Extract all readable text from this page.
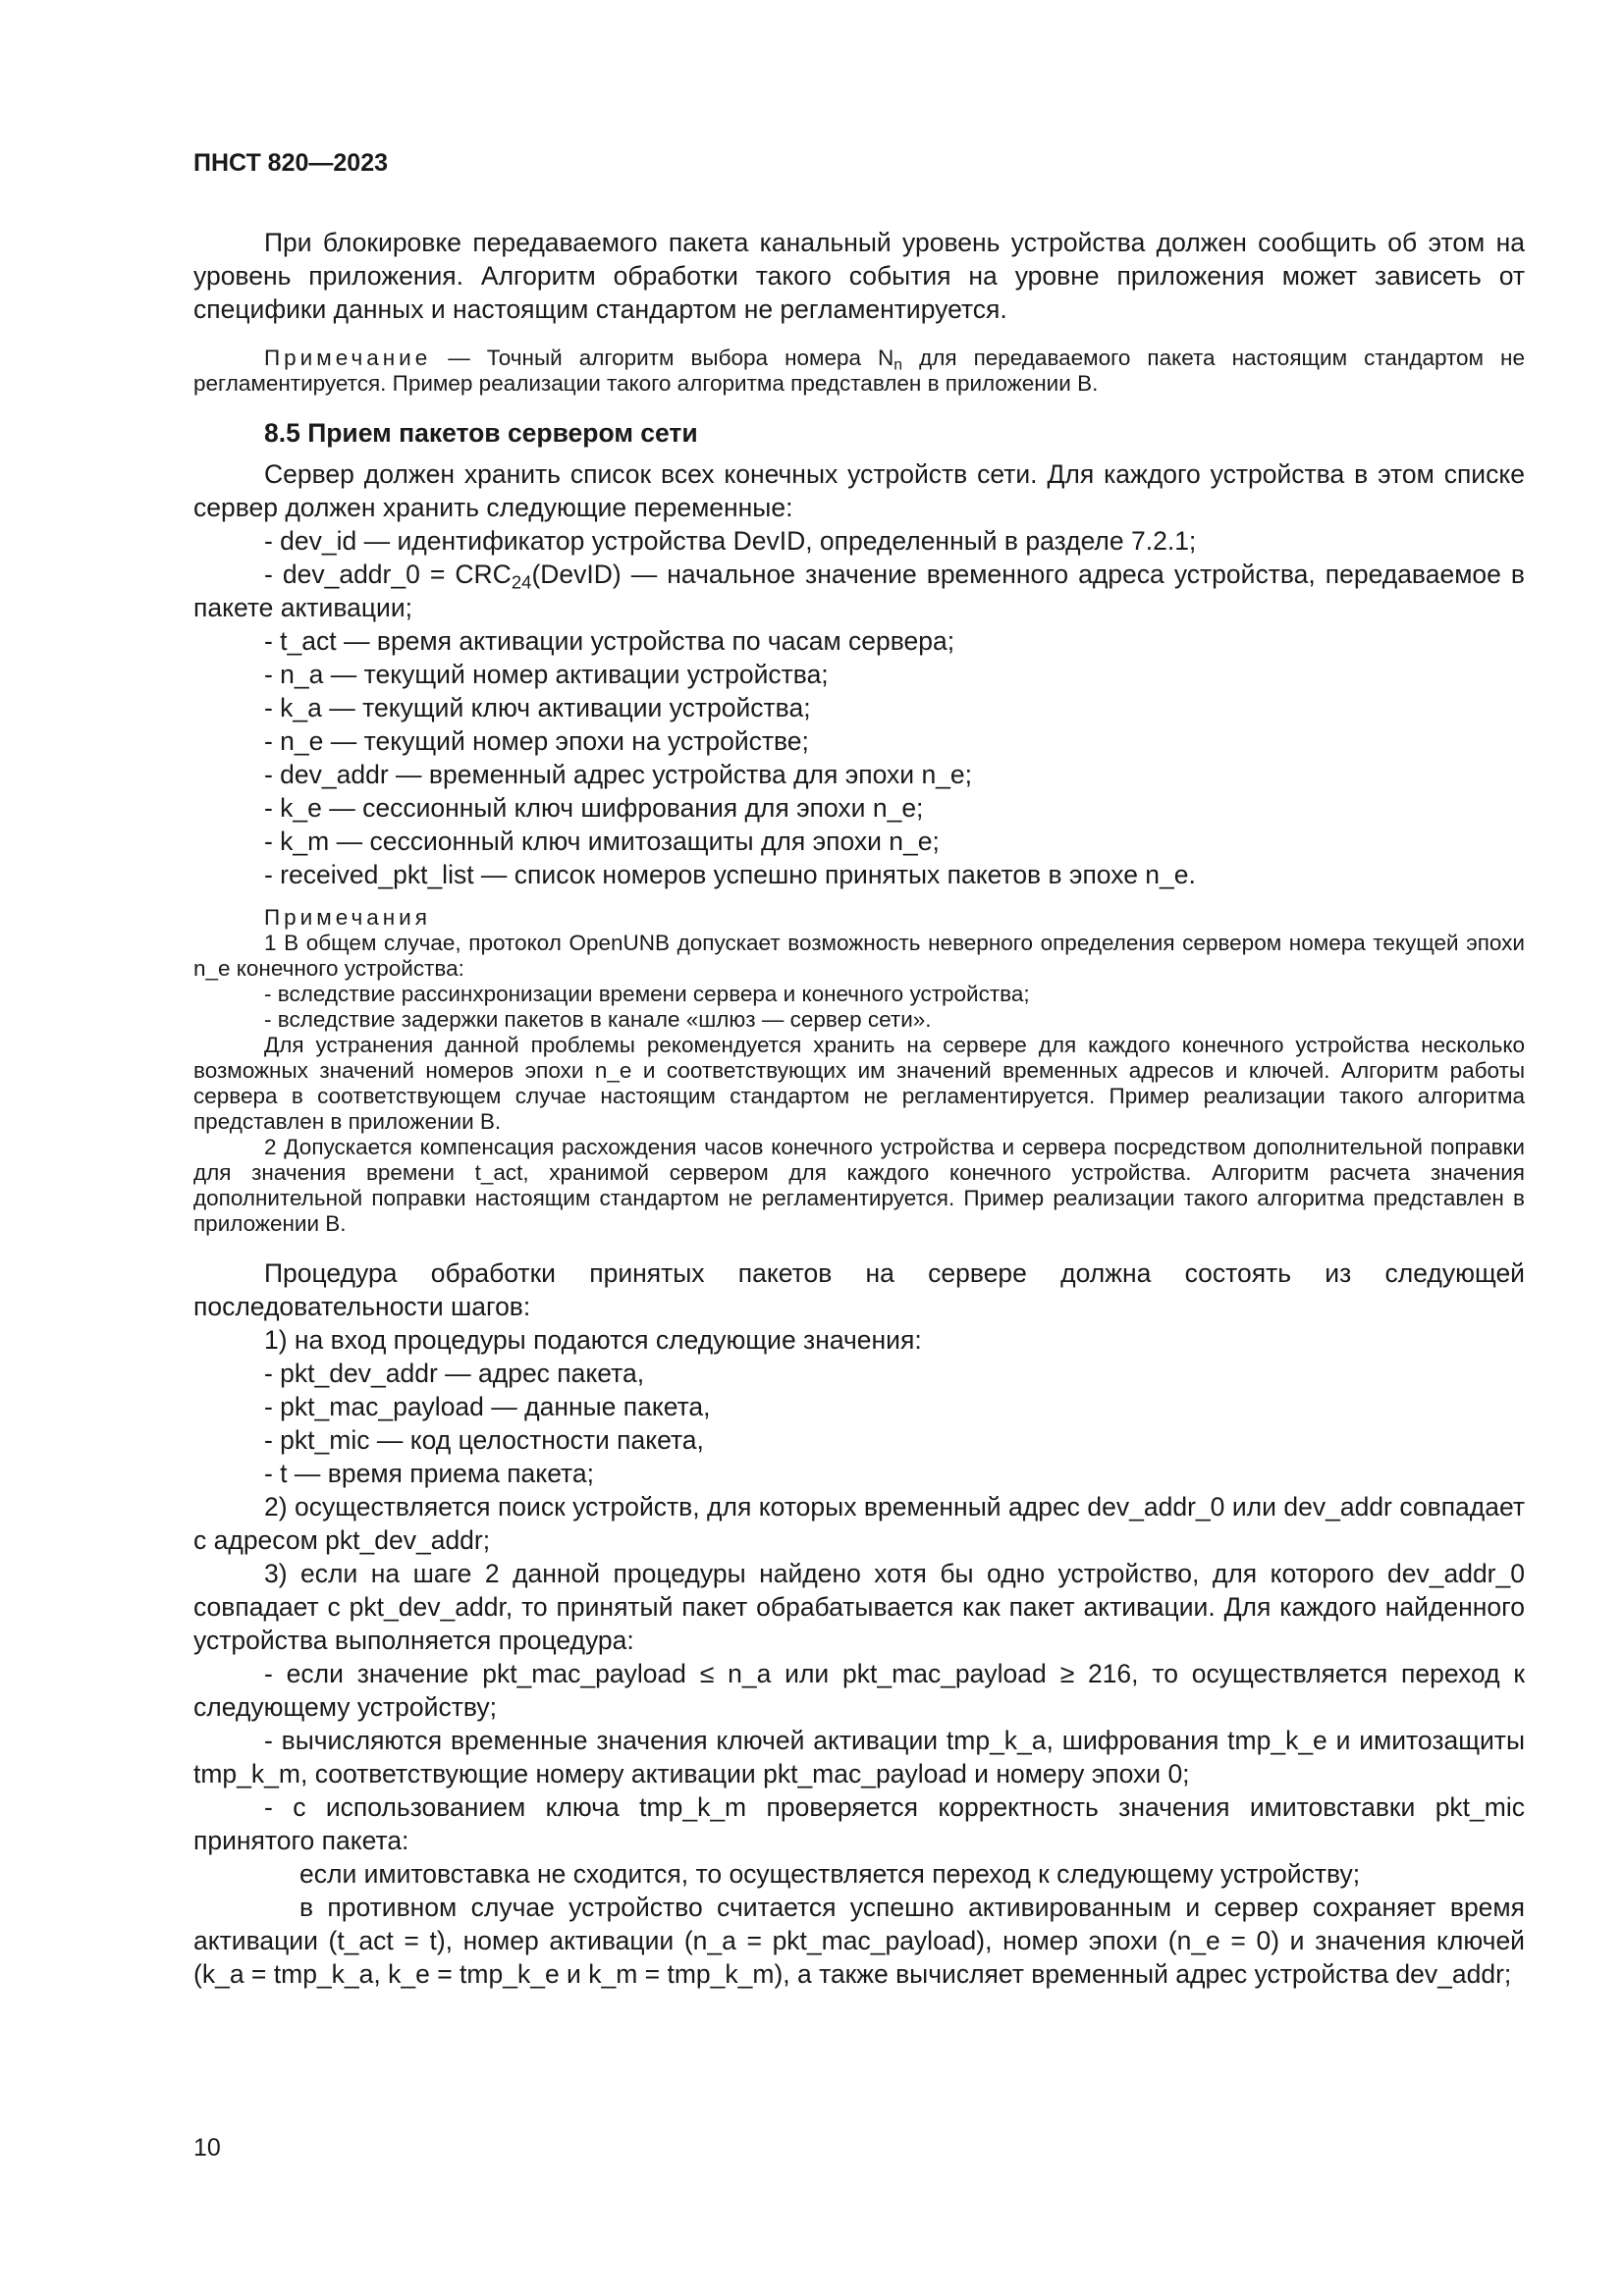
ПНСТ 820—2023

При блокировке передаваемого пакета канальный уровень устройства должен сообщить об этом на уровень приложения. Алгоритм обработки такого события на уровне приложения может зависеть от специфики данных и настоящим стандартом не регламентируется.

Примечание — Точный алгоритм выбора номера $N_n$ для передаваемого пакета настоящим стандартом не регламентируется. Пример реализации такого алгоритма представлен в приложении В.

8.5 Прием пакетов сервером сети

Сервер должен хранить список всех конечных устройств сети. Для каждого устройства в этом списке сервер должен хранить следующие переменные:

- dev_id — идентификатор устройства DevID, определенный в разделе 7.2.1;

- dev_addr_0 = $CRC_{24}(DevID)$ — начальное значение временного адреса устройства, передаваемое в пакете активации;

- t_act — время активации устройства по часам сервера;

- n_a — текущий номер активации устройства;

- k_a — текущий ключ активации устройства;

- n_e — текущий номер эпохи на устройстве;

- dev_addr — временный адрес устройства для эпохи n_e;

- k_e — сессионный ключ шифрования для эпохи n_e;

- k_m — сессионный ключ имитозащиты для эпохи n_e;

- received_pkt_list — список номеров успешно принятых пакетов в эпохе n_e.

Примечания

1 В общем случае, протокол OpenUNB допускает возможность неверного определения сервером номера текущей эпохи n_e конечного устройства:

- вследствие рассинхронизации времени сервера и конечного устройства;

- вследствие задержки пакетов в канале «шлюз — сервер сети».

Для устранения данной проблемы рекомендуется хранить на сервере для каждого конечного устройства несколько возможных значений номеров эпохи n_e и соответствующих им значений временных адресов и ключей. Алгоритм работы сервера в соответствующем случае настоящим стандартом не регламентируется. Пример реализации такого алгоритма представлен в приложении В.

2 Допускается компенсация расхождения часов конечного устройства и сервера посредством дополнительной поправки для значения времени t_act, хранимой сервером для каждого конечного устройства. Алгоритм расчета значения дополнительной поправки настоящим стандартом не регламентируется. Пример реализации такого алгоритма представлен в приложении В.

Процедура обработки принятых пакетов на сервере должна состоять из следующей последовательности шагов:

1) на вход процедуры подаются следующие значения:

- pkt_dev_addr — адрес пакета,

- pkt_mac_payload — данные пакета,

- pkt_mic — код целостности пакета,

- t — время приема пакета;

2) осуществляется поиск устройств, для которых временный адрес dev_addr_0 или dev_addr совпадает с адресом pkt_dev_addr;

3) если на шаге 2 данной процедуры найдено хотя бы одно устройство, для которого dev_addr_0 совпадает с pkt_dev_addr, то принятый пакет обрабатывается как пакет активации. Для каждого найденного устройства выполняется процедура:

- если значение pkt_mac_payload ≤ n_a или pkt_mac_payload ≥ 216, то осуществляется переход к следующему устройству;

- вычисляются временные значения ключей активации tmp_k_a, шифрования tmp_k_e и имитозащиты tmp_k_m, соответствующие номеру активации pkt_mac_payload и номеру эпохи 0;

- с использованием ключа tmp_k_m проверяется корректность значения имитовставки pkt_mic принятого пакета:

если имитовставка не сходится, то осуществляется переход к следующему устройству;

в противном случае устройство считается успешно активированным и сервер сохраняет время активации (t_act = t), номер активации (n_a = pkt_mac_payload), номер эпохи (n_e = 0) и значения ключей (k_a = tmp_k_a, k_e = tmp_k_e и k_m = tmp_k_m), а также вычисляет временный адрес устройства dev_addr;

10
